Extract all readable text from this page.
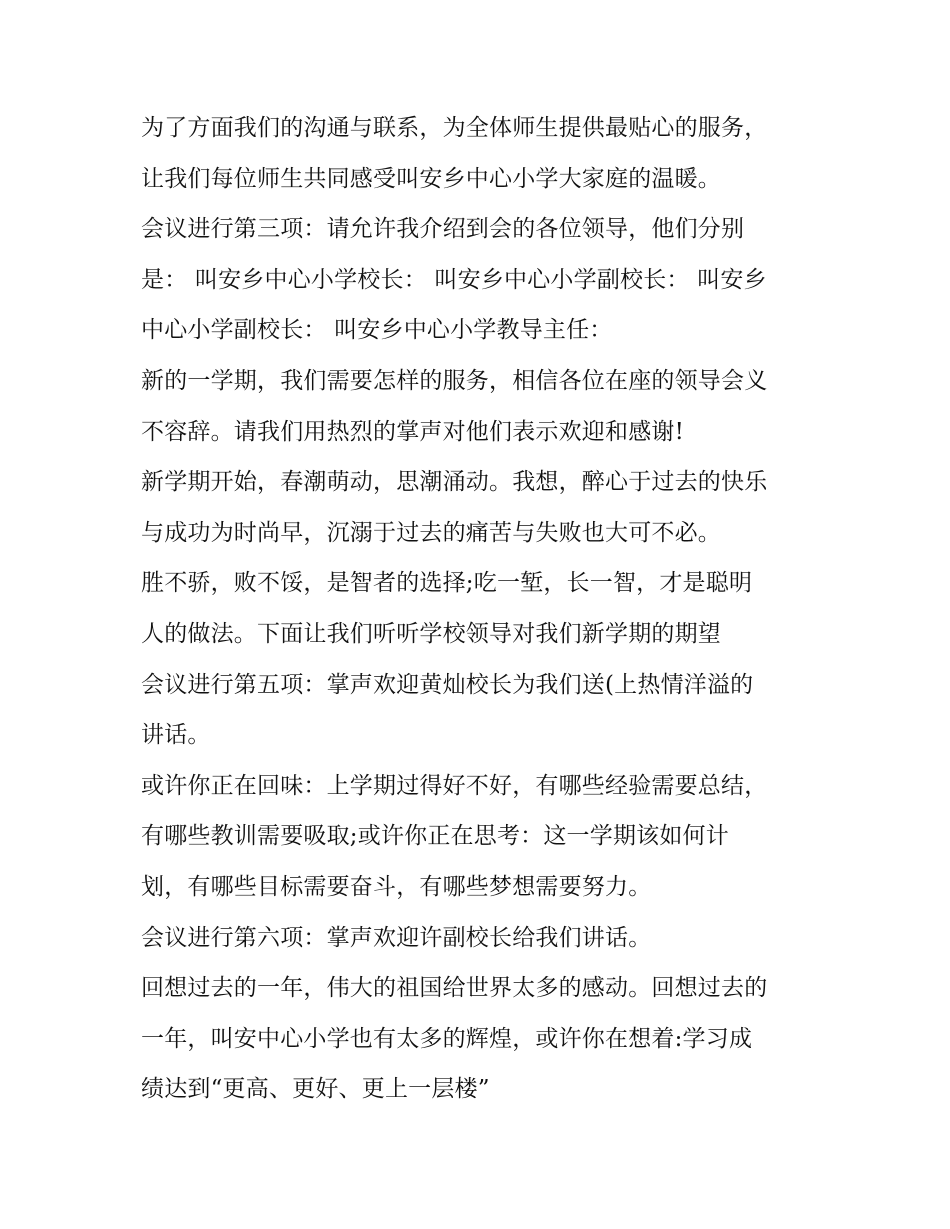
为了方面我们的沟通与联系，为全体师生提供最贴心的服务，
让我们每位师生共同感受叫安乡中心小学大家庭的温暖。
会议进行第三项：请允许我介绍到会的各位领导，他们分别
是： 叫安乡中心小学校长： 叫安乡中心小学副校长： 叫安乡
中心小学副校长： 叫安乡中心小学教导主任：
新的一学期，我们需要怎样的服务，相信各位在座的领导会义
不容辞。请我们用热烈的掌声对他们表示欢迎和感谢!
新学期开始，春潮萌动，思潮涌动。我想，醉心于过去的快乐
与成功为时尚早，沉溺于过去的痛苦与失败也大可不必。
胜不骄，败不馁，是智者的选择;吃一堑，长一智，才是聪明
人的做法。下面让我们听听学校领导对我们新学期的期望
会议进行第五项：掌声欢迎黄灿校长为我们送(上热情洋溢的
讲话。
或许你正在回味：上学期过得好不好，有哪些经验需要总结，
有哪些教训需要吸取;或许你正在思考：这一学期该如何计
划，有哪些目标需要奋斗，有哪些梦想需要努力。
会议进行第六项：掌声欢迎许副校长给我们讲话。
回想过去的一年，伟大的祖国给世界太多的感动。回想过去的
一年，叫安中心小学也有太多的辉煌，或许你在想着:学习成
绩达到“更高、更好、更上一层楼”
